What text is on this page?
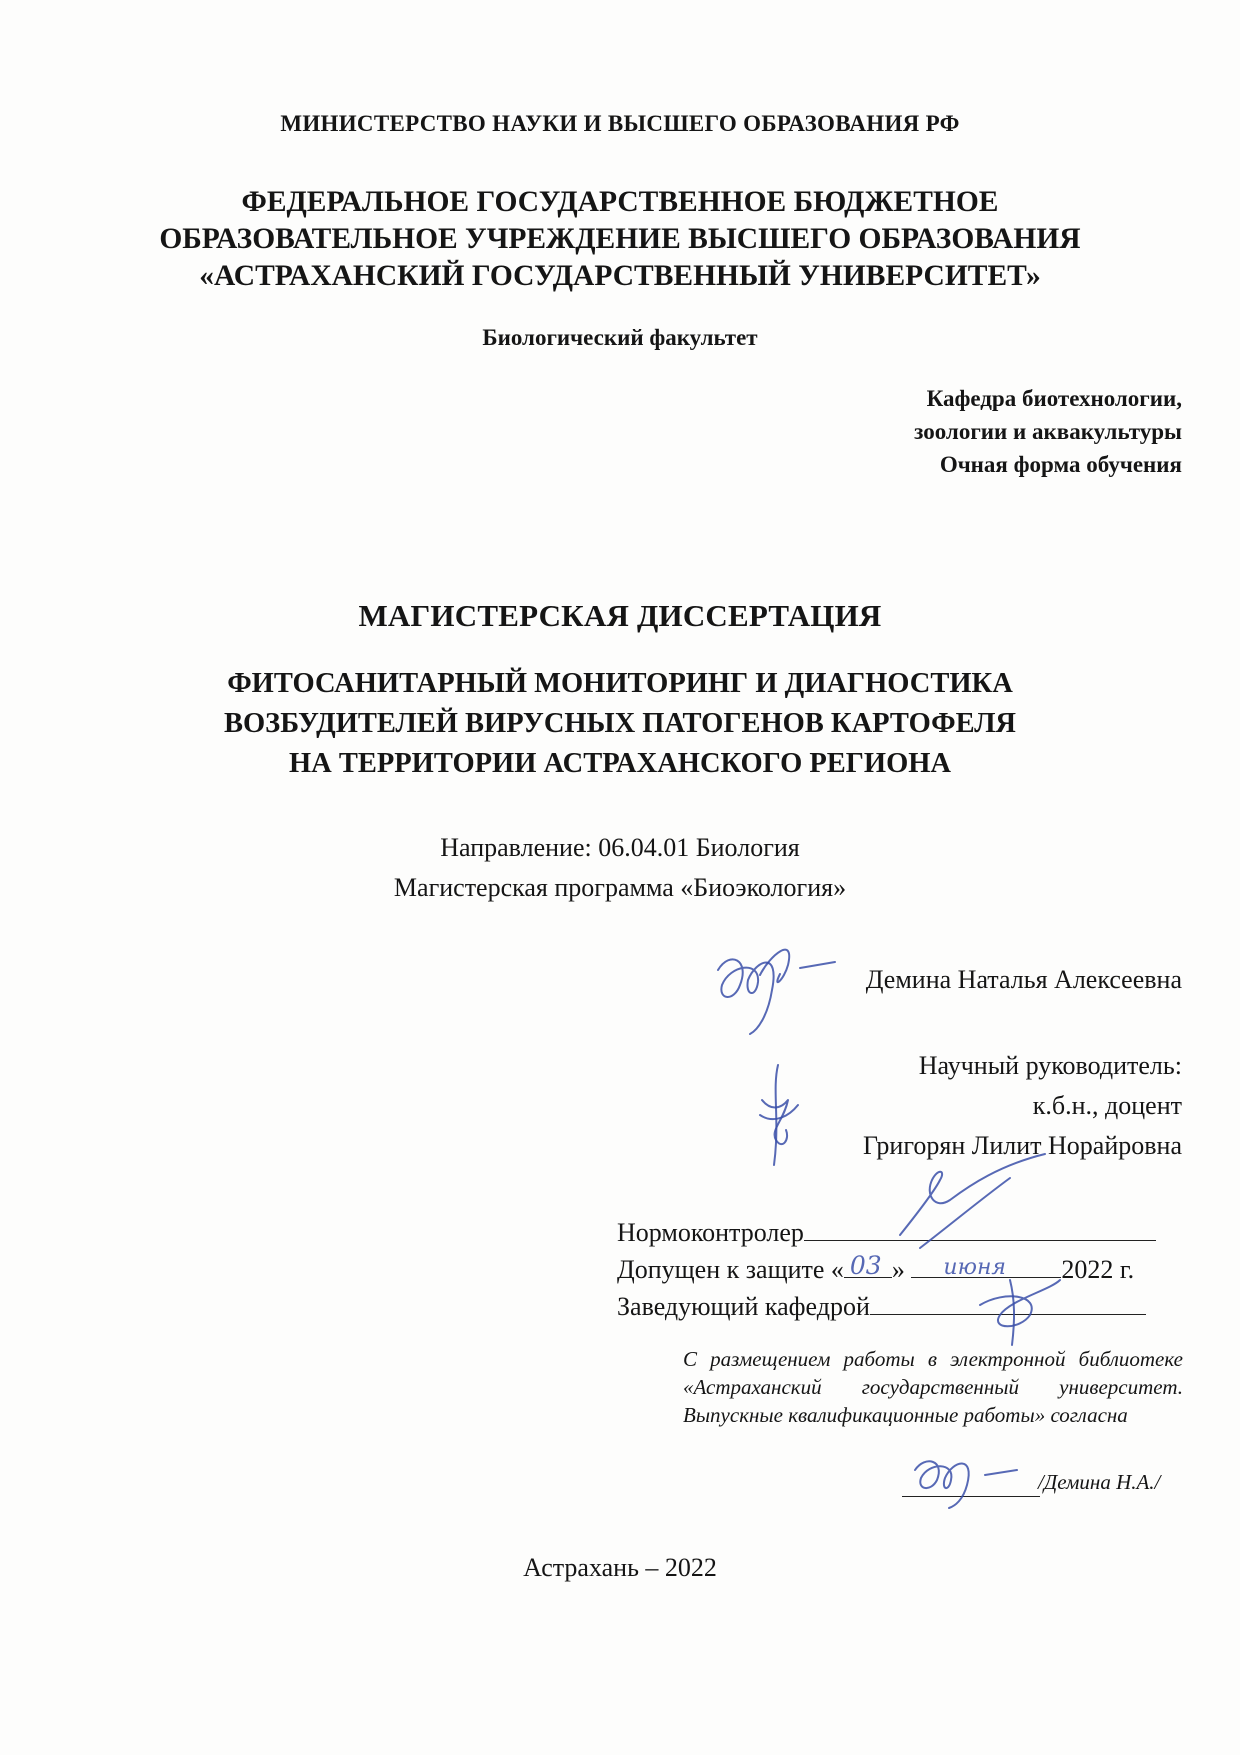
МИНИСТЕРСТВО НАУКИ И ВЫСШЕГО ОБРАЗОВАНИЯ РФ
ФЕДЕРАЛЬНОЕ ГОСУДАРСТВЕННОЕ БЮДЖЕТНОЕ
ОБРАЗОВАТЕЛЬНОЕ УЧРЕЖДЕНИЕ ВЫСШЕГО ОБРАЗОВАНИЯ
«АСТРАХАНСКИЙ ГОСУДАРСТВЕННЫЙ УНИВЕРСИТЕТ»
Биологический факультет
Кафедра биотехнологии,
зоологии и аквакультуры
Очная форма обучения
МАГИСТЕРСКАЯ ДИССЕРТАЦИЯ
ФИТОСАНИТАРНЫЙ МОНИТОРИНГ И ДИАГНОСТИКА
ВОЗБУДИТЕЛЕЙ ВИРУСНЫХ ПАТОГЕНОВ КАРТОФЕЛЯ
НА ТЕРРИТОРИИ АСТРАХАНСКОГО РЕГИОНА
Направление: 06.04.01 Биология
Магистерская программа «Биоэкология»
Демина Наталья Алексеевна
Научный руководитель:
к.б.н., доцент
Григорян Лилит Норайровна
Нормоконтролер
Допущен к защите « 03 » июня 2022 г.
Заведующий кафедрой
С размещением работы в электронной библиотеке «Астраханский государственный университет. Выпускные квалификационные работы» согласна
/Демина Н.А./
Астрахань – 2022
